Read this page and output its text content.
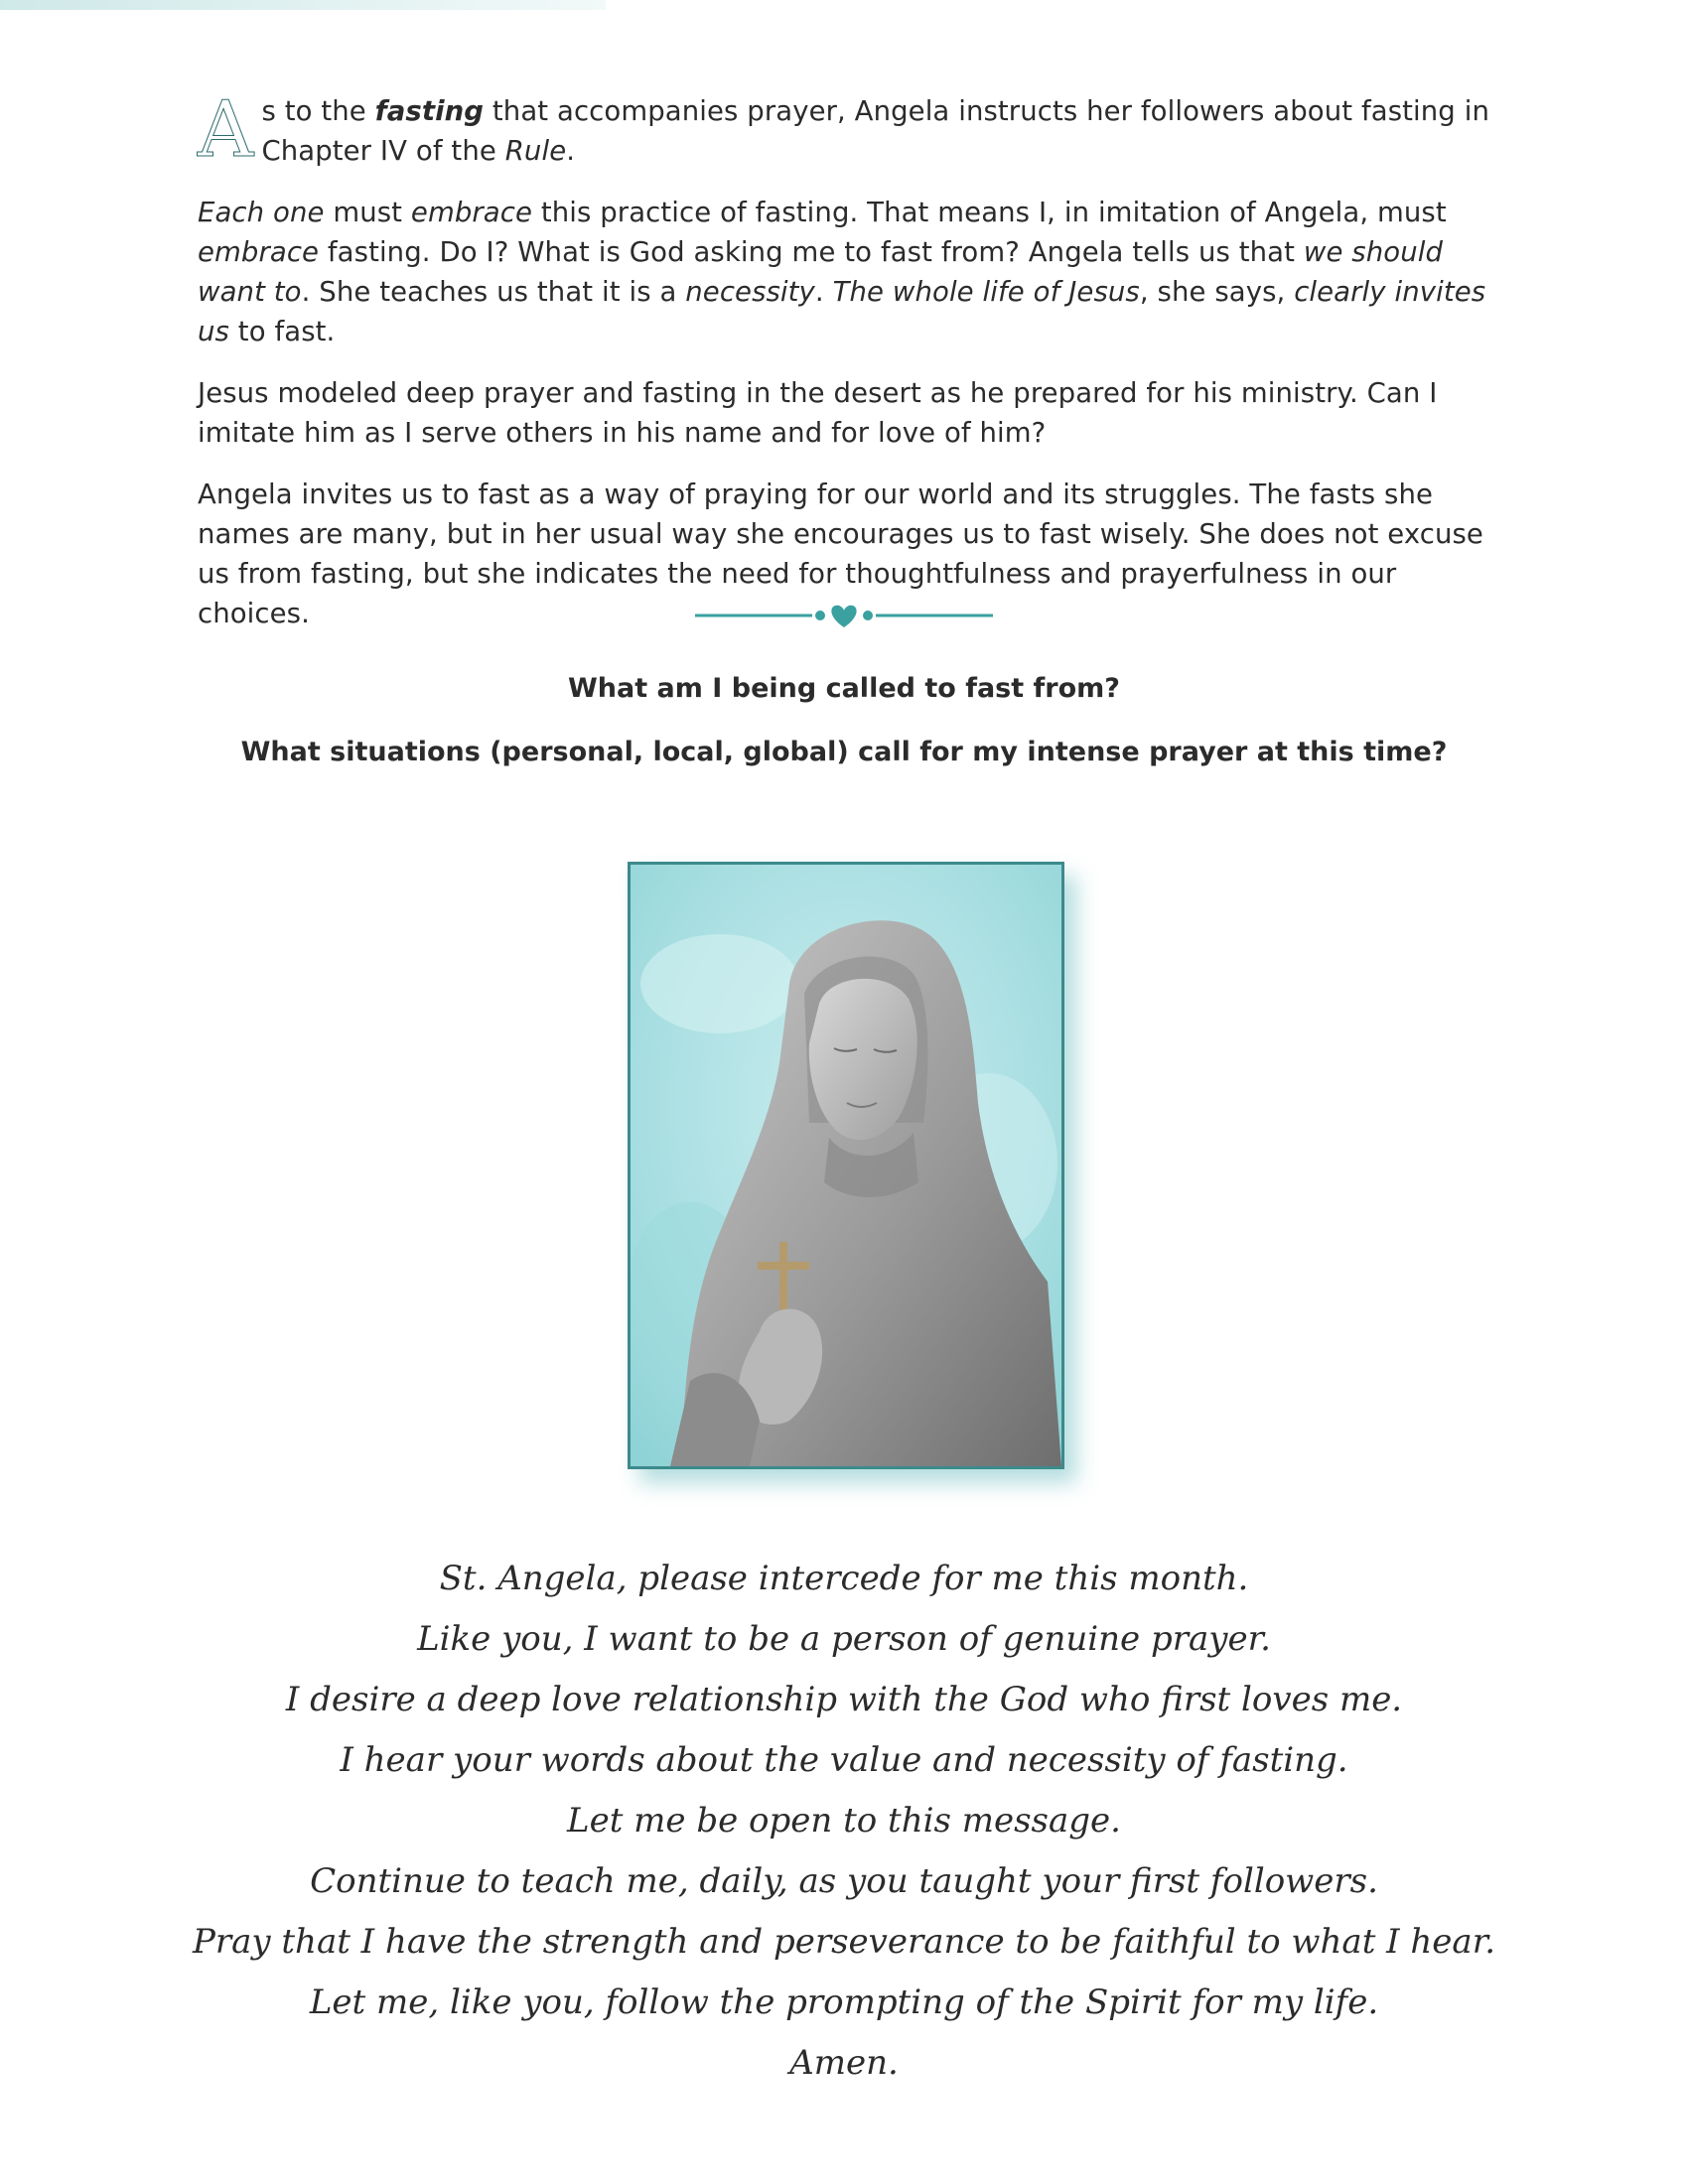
A s to the fasting that accompanies prayer, Angela instructs her followers about fasting in Chapter IV of the Rule.

Each one must embrace this practice of fasting. That means I, in imitation of Angela, must embrace fasting. Do I? What is God asking me to fast from? Angela tells us that we should want to. She teaches us that it is a necessity. The whole life of Jesus, she says, clearly invites us to fast.

Jesus modeled deep prayer and fasting in the desert as he prepared for his ministry. Can I imitate him as I serve others in his name and for love of him?

Angela invites us to fast as a way of praying for our world and its struggles. The fasts she names are many, but in her usual way she encourages us to fast wisely. She does not excuse us from fasting, but she indicates the need for thoughtfulness and prayerfulness in our choices.

What am I being called to fast from?
What situations (personal, local, global) call for my intense prayer at this time?
St. Angela, please intercede for me this month.
Like you, I want to be a person of genuine prayer.
I desire a deep love relationship with the God who first loves me.
I hear your words about the value and necessity of fasting.
Let me be open to this message.
Continue to teach me, daily, as you taught your first followers.
Pray that I have the strength and perseverance to be faithful to what I hear.
Let me, like you, follow the prompting of the Spirit for my life.
Amen.
